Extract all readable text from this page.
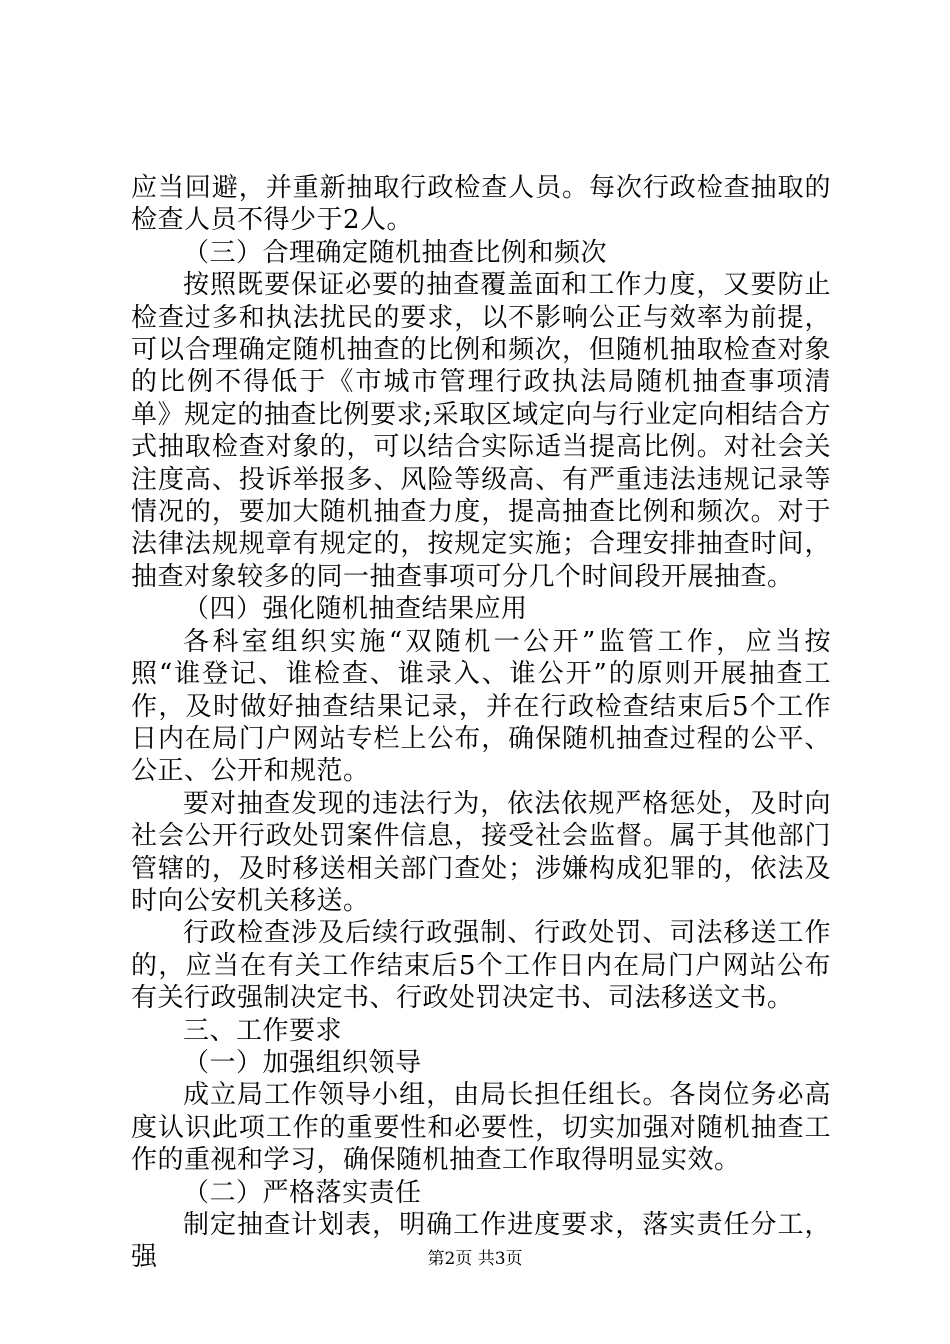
应当回避，并重新抽取行政检查人员。每次行政检查抽取的检查人员不得少于2人。

（三）合理确定随机抽查比例和频次

按照既要保证必要的抽查覆盖面和工作力度，又要防止检查过多和执法扰民的要求，以不影响公正与效率为前提，可以合理确定随机抽查的比例和频次，但随机抽取检查对象的比例不得低于《市城市管理行政执法局随机抽查事项清单》规定的抽查比例要求;采取区域定向与行业定向相结合方式抽取检查对象的，可以结合实际适当提高比例。对社会关注度高、投诉举报多、风险等级高、有严重违法违规记录等情况的，要加大随机抽查力度，提高抽查比例和频次。对于法律法规规章有规定的，按规定实施；合理安排抽查时间，抽查对象较多的同一抽查事项可分几个时间段开展抽查。

（四）强化随机抽查结果应用

各科室组织实施“双随机一公开”监管工作，应当按照“谁登记、谁检查、谁录入、谁公开”的原则开展抽查工作，及时做好抽查结果记录，并在行政检查结束后5个工作日内在局门户网站专栏上公布，确保随机抽查过程的公平、公正、公开和规范。

要对抽查发现的违法行为，依法依规严格惩处，及时向社会公开行政处罚案件信息，接受社会监督。属于其他部门管辖的，及时移送相关部门查处；涉嫌构成犯罪的，依法及时向公安机关移送。

行政检查涉及后续行政强制、行政处罚、司法移送工作的，应当在有关工作结束后5个工作日内在局门户网站公布有关行政强制决定书、行政处罚决定书、司法移送文书。

三、工作要求

（一）加强组织领导

成立局工作领导小组，由局长担任组长。各岗位务必高度认识此项工作的重要性和必要性，切实加强对随机抽查工作的重视和学习，确保随机抽查工作取得明显实效。

（二）严格落实责任

制定抽查计划表，明确工作进度要求，落实责任分工，强	第2页 共3页
